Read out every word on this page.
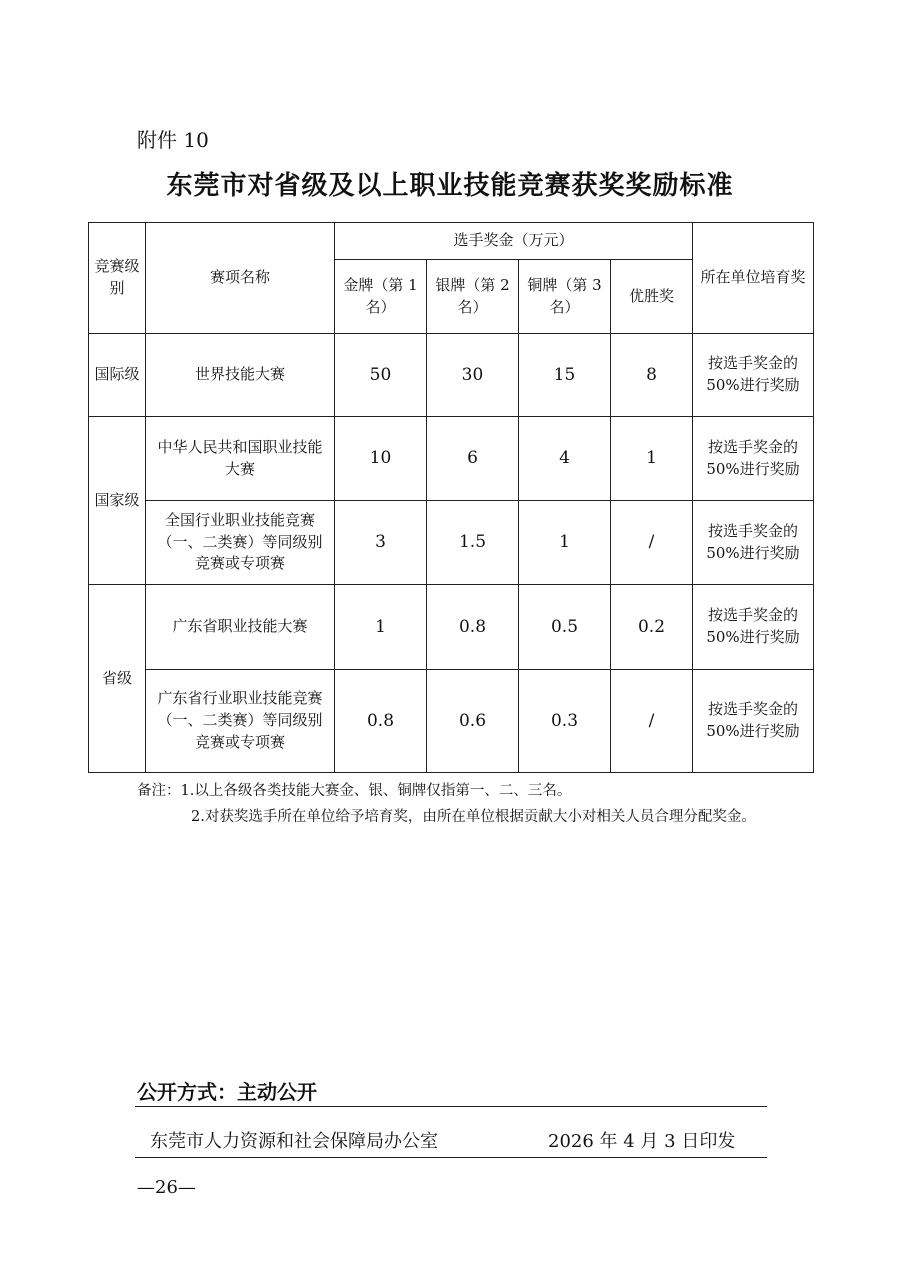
附件 10
东莞市对省级及以上职业技能竞赛获奖奖励标准
竞赛级别	赛项名称	选手奖金（万元）				所在单位培育奖
		金牌（第 1 名）	银牌（第 2 名）	铜牌（第 3 名）	优胜奖	
国际级	世界技能大赛	50	30	15	8	按选手奖金的 50%进行奖励
国家级	中华人民共和国职业技能大赛	10	6	4	1	按选手奖金的 50%进行奖励
	全国行业职业技能竞赛（一、二类赛）等同级别竞赛或专项赛	3	1.5	1	/	按选手奖金的 50%进行奖励
省级	广东省职业技能大赛	1	0.8	0.5	0.2	按选手奖金的 50%进行奖励
	广东省行业职业技能竞赛（一、二类赛）等同级别竞赛或专项赛	0.8	0.6	0.3	/	按选手奖金的 50%进行奖励

备注：1.以上各级各类技能大赛金、银、铜牌仅指第一、二、三名。

2.对获奖选手所在单位给予培育奖，由所在单位根据贡献大小对相关人员合理分配奖金。

公开方式：主动公开
东莞市人力资源和社会保障局办公室	2026 年 4 月 3 日印发
—26—
